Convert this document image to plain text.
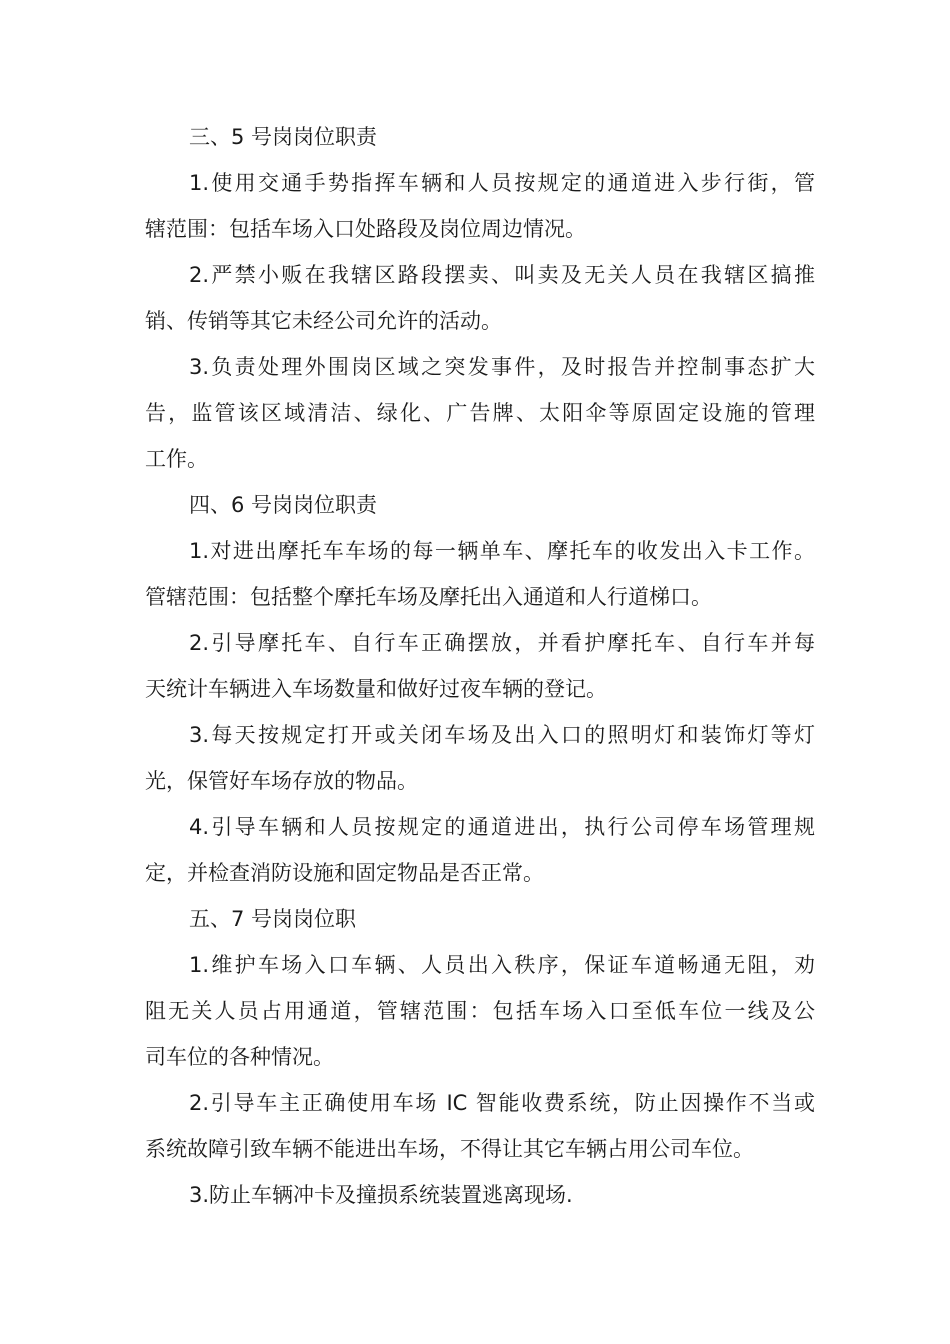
三、5 号岗岗位职责
1.使用交通手势指挥车辆和人员按规定的通道进入步行街，管
辖范围：包括车场入口处路段及岗位周边情况。
2.严禁小贩在我辖区路段摆卖、叫卖及无关人员在我辖区搞推
销、传销等其它未经公司允许的活动。
3.负责处理外围岗区域之突发事件，及时报告并控制事态扩大
告，监管该区域清洁、绿化、广告牌、太阳伞等原固定设施的管理
工作。
四、6 号岗岗位职责
1.对进出摩托车车场的每一辆单车、摩托车的收发出入卡工作。
管辖范围：包括整个摩托车场及摩托出入通道和人行道梯口。
2.引导摩托车、自行车正确摆放，并看护摩托车、自行车并每
天统计车辆进入车场数量和做好过夜车辆的登记。
3.每天按规定打开或关闭车场及出入口的照明灯和装饰灯等灯
光，保管好车场存放的物品。
4.引导车辆和人员按规定的通道进出，执行公司停车场管理规
定，并检查消防设施和固定物品是否正常。
五、7 号岗岗位职
1.维护车场入口车辆、人员出入秩序，保证车道畅通无阻，劝
阻无关人员占用通道，管辖范围：包括车场入口至低车位一线及公
司车位的各种情况。
2.引导车主正确使用车场 IC 智能收费系统，防止因操作不当或
系统故障引致车辆不能进出车场，不得让其它车辆占用公司车位。
3.防止车辆冲卡及撞损系统装置逃离现场.
